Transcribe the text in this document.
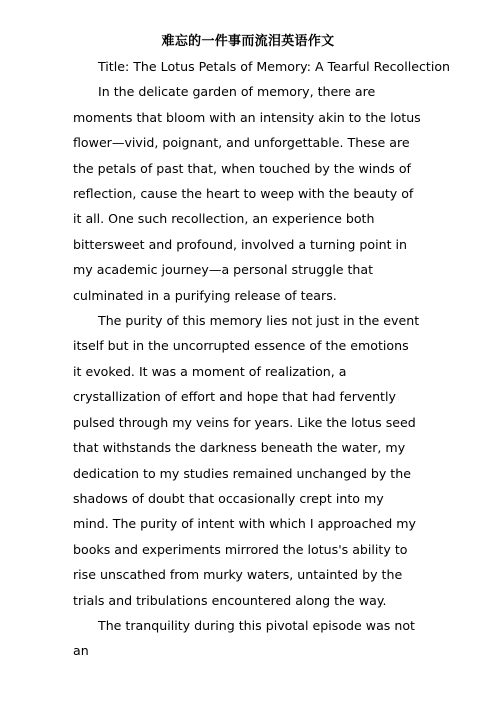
难忘的一件事而流泪英语作文
Title: The Lotus Petals of Memory: A Tearful Recollection

In the delicate garden of memory, there are moments that bloom with an intensity akin to the lotus flower—vivid, poignant, and unforgettable. These are the petals of past that, when touched by the winds of reflection, cause the heart to weep with the beauty of it all. One such recollection, an experience both bittersweet and profound, involved a turning point in my academic journey—a personal struggle that culminated in a purifying release of tears.

The purity of this memory lies not just in the event itself but in the uncorrupted essence of the emotions it evoked. It was a moment of realization, a crystallization of effort and hope that had fervently pulsed through my veins for years. Like the lotus seed that withstands the darkness beneath the water, my dedication to my studies remained unchanged by the shadows of doubt that occasionally crept into my mind. The purity of intent with which I approached my books and experiments mirrored the lotus's ability to rise unscathed from murky waters, untainted by the trials and tribulations encountered along the way.

The tranquility during this pivotal episode was not an
